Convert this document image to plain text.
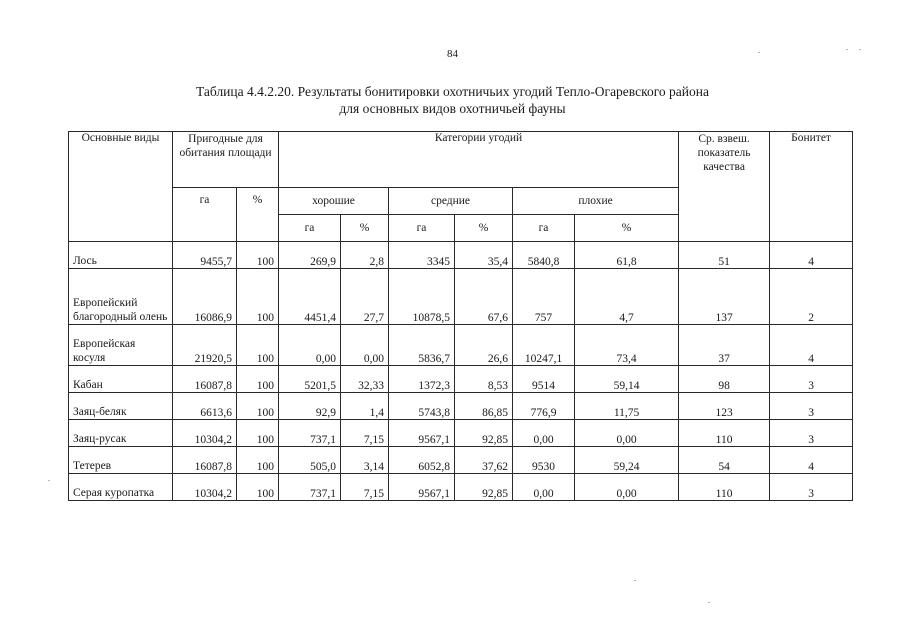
84
Таблица 4.4.2.20. Результаты бонитировки охотничьих угодий Тепло-Огаревского района
для основных видов охотничьей фауны
Основные виды	Пригодные для обитания площади		Категории угодий						Ср. взвеш. показатель качества	Бонитет
	га	%	хорошие		средние		плохие			
			га	%	га	%	га	%		
Лось	9455,7	100	269,9	2,8	3345	35,4	5840,8	61,8	51	4
Европейский благородный олень	16086,9	100	4451,4	27,7	10878,5	67,6	757	4,7	137	2
Европейская косуля	21920,5	100	0,00	0,00	5836,7	26,6	10247,1	73,4	37	4
Кабан	16087,8	100	5201,5	32,33	1372,3	8,53	9514	59,14	98	3
Заяц-беляк	6613,6	100	92,9	1,4	5743,8	86,85	776,9	11,75	123	3
Заяц-русак	10304,2	100	737,1	7,15	9567,1	92,85	0,00	0,00	110	3
Тетерев	16087,8	100	505,0	3,14	6052,8	37,62	9530	59,24	54	4
Серая куропатка	10304,2	100	737,1	7,15	9567,1	92,85	0,00	0,00	110	3
